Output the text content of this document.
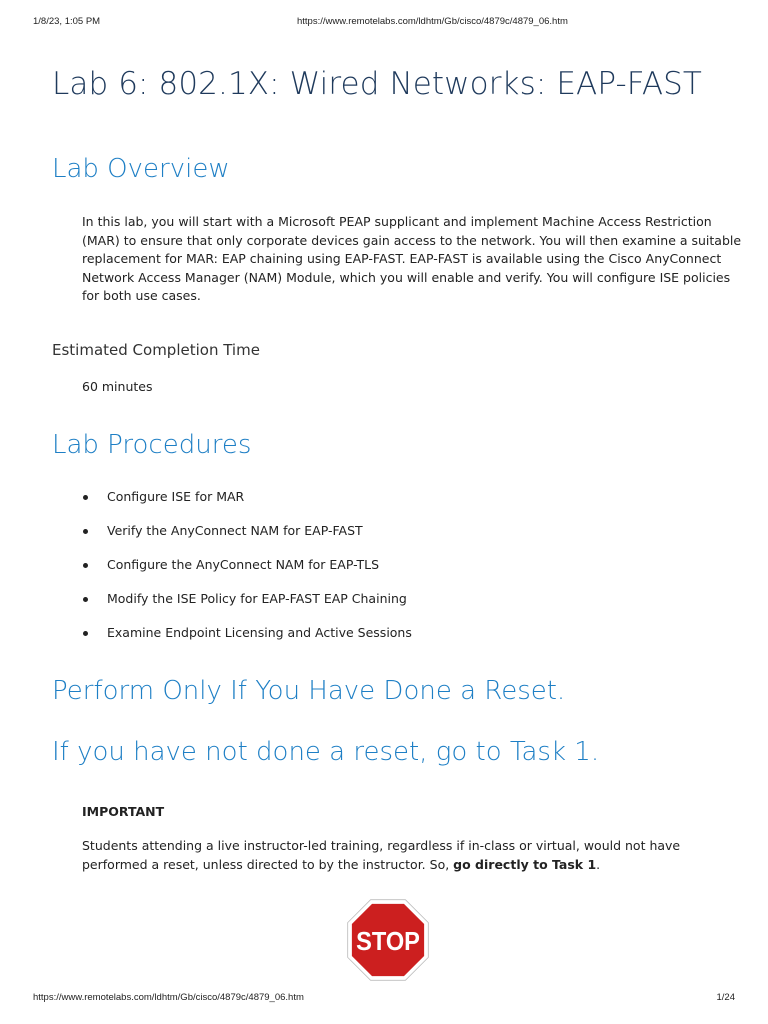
1/8/23, 1:05 PM	https://www.remotelabs.com/ldhtm/Gb/cisco/4879c/4879_06.htm
Lab 6: 802.1X: Wired Networks: EAP-FAST
Lab Overview

In this lab, you will start with a Microsoft PEAP supplicant and implement Machine Access Restriction (MAR) to ensure that only corporate devices gain access to the network. You will then examine a suitable replacement for MAR: EAP chaining using EAP-FAST. EAP-FAST is available using the Cisco AnyConnect Network Access Manager (NAM) Module, which you will enable and verify. You will configure ISE policies for both use cases.

Estimated Completion Time

60 minutes

Lab Procedures
Configure ISE for MAR
Verify the AnyConnect NAM for EAP-FAST
Configure the AnyConnect NAM for EAP-TLS
Modify the ISE Policy for EAP-FAST EAP Chaining
Examine Endpoint Licensing and Active Sessions
Perform Only If You Have Done a Reset.
If you have not done a reset, go to Task 1.

IMPORTANT

Students attending a live instructor-led training, regardless if in-class or virtual, would not have performed a reset, unless directed to by the instructor. So, go directly to Task 1.

STOP
https://www.remotelabs.com/ldhtm/Gb/cisco/4879c/4879_06.htm	1/24
